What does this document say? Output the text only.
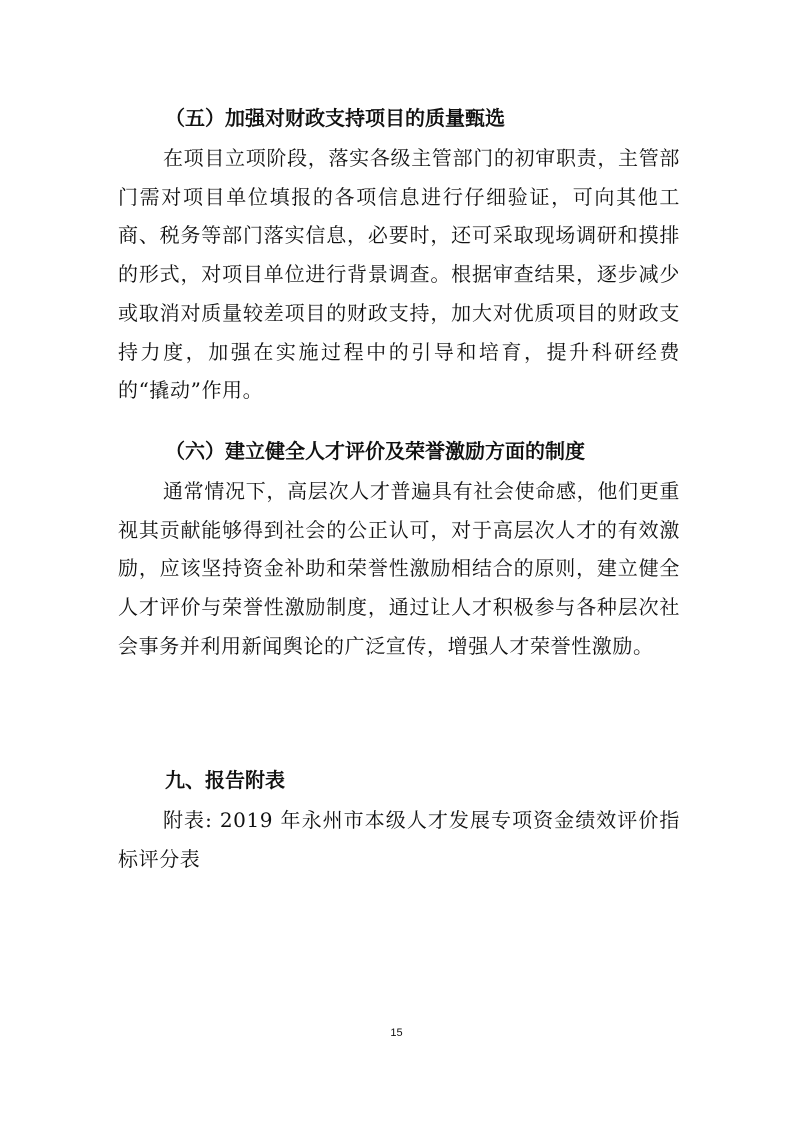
（五）加强对财政支持项目的质量甄选

在项目立项阶段，落实各级主管部门的初审职责，主管部门需对项目单位填报的各项信息进行仔细验证，可向其他工商、税务等部门落实信息，必要时，还可采取现场调研和摸排的形式，对项目单位进行背景调查。根据审查结果，逐步减少或取消对质量较差项目的财政支持，加大对优质项目的财政支持力度，加强在实施过程中的引导和培育，提升科研经费的“撬动”作用。

（六）建立健全人才评价及荣誉激励方面的制度

通常情况下，高层次人才普遍具有社会使命感，他们更重视其贡献能够得到社会的公正认可，对于高层次人才的有效激励，应该坚持资金补助和荣誉性激励相结合的原则，建立健全人才评价与荣誉性激励制度，通过让人才积极参与各种层次社会事务并利用新闻舆论的广泛宣传，增强人才荣誉性激励。

九、报告附表

附表: 2019 年永州市本级人才发展专项资金绩效评价指标评分表

15
